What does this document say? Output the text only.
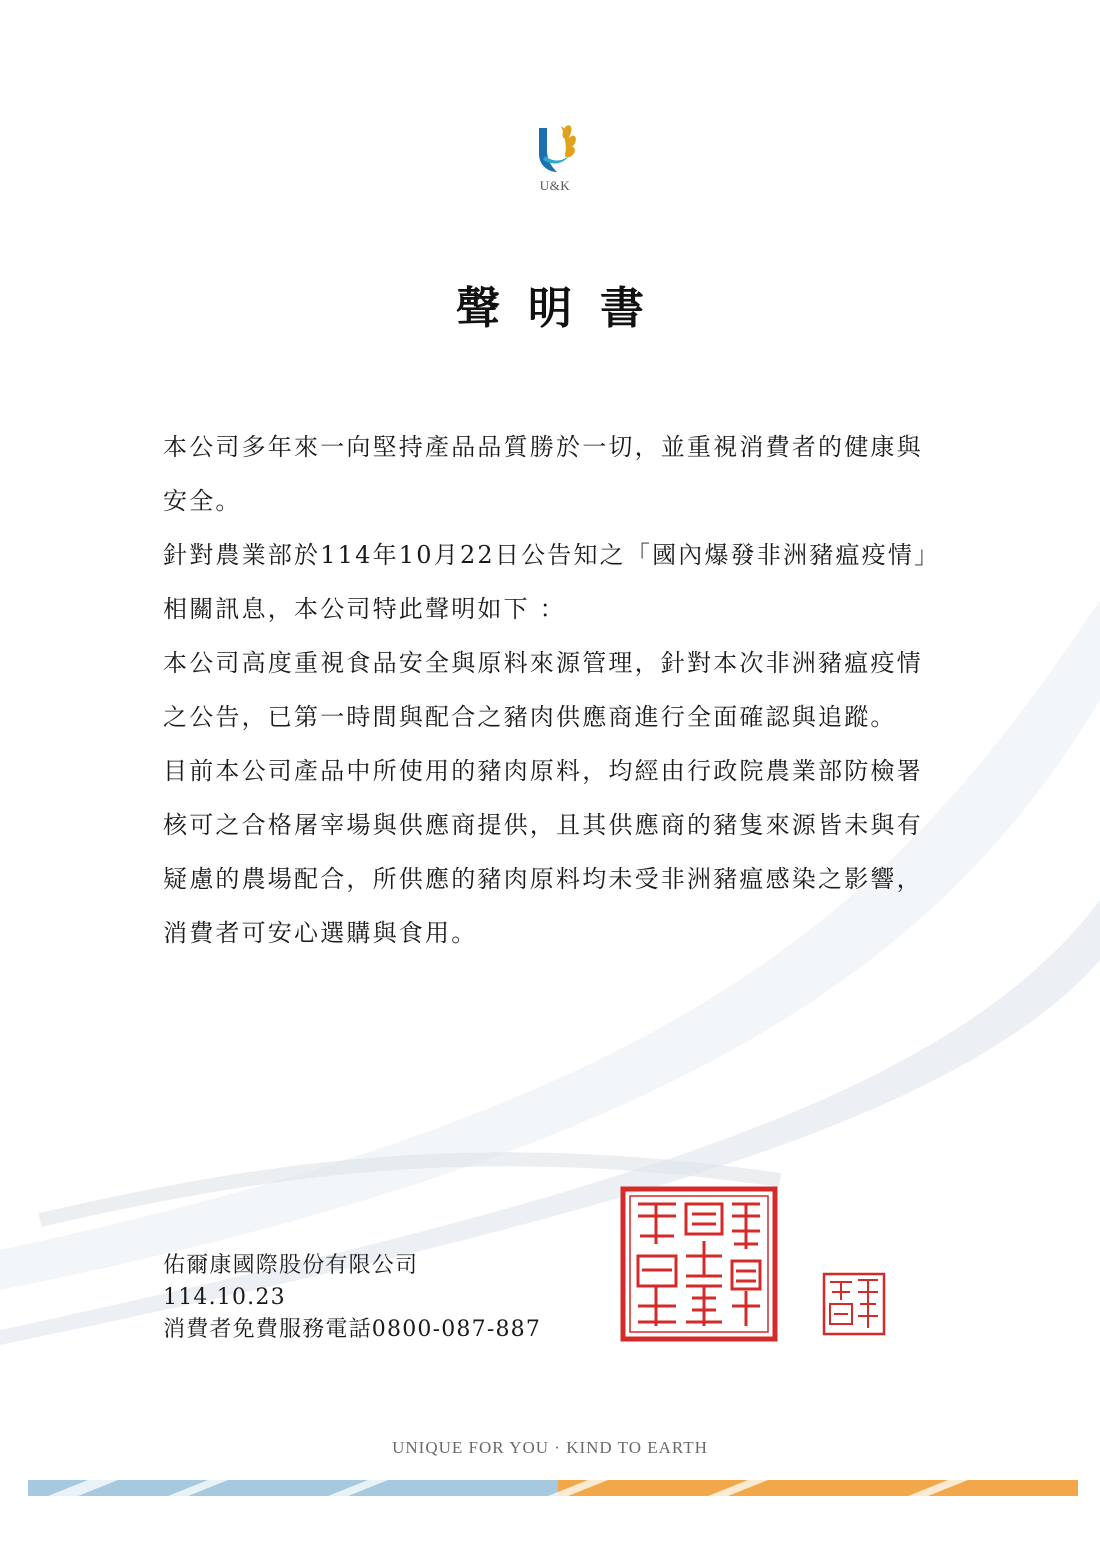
U&K
聲明書

本公司多年來一向堅持產品品質勝於一切，並重視消費者的健康與安全。

針對農業部於114年10月22日公告知之「國內爆發非洲豬瘟疫情」相關訊息，本公司特此聲明如下 ：

本公司高度重視食品安全與原料來源管理，針對本次非洲豬瘟疫情之公告，已第一時間與配合之豬肉供應商進行全面確認與追蹤。

目前本公司產品中所使用的豬肉原料，均經由行政院農業部防檢署核可之合格屠宰場與供應商提供，且其供應商的豬隻來源皆未與有疑慮的農場配合，所供應的豬肉原料均未受非洲豬瘟感染之影響，消費者可安心選購與食用。

佑爾康國際股份有限公司
114.10.23
消費者免費服務電話0800-087-887
UNIQUE FOR YOU · KIND TO EARTH
